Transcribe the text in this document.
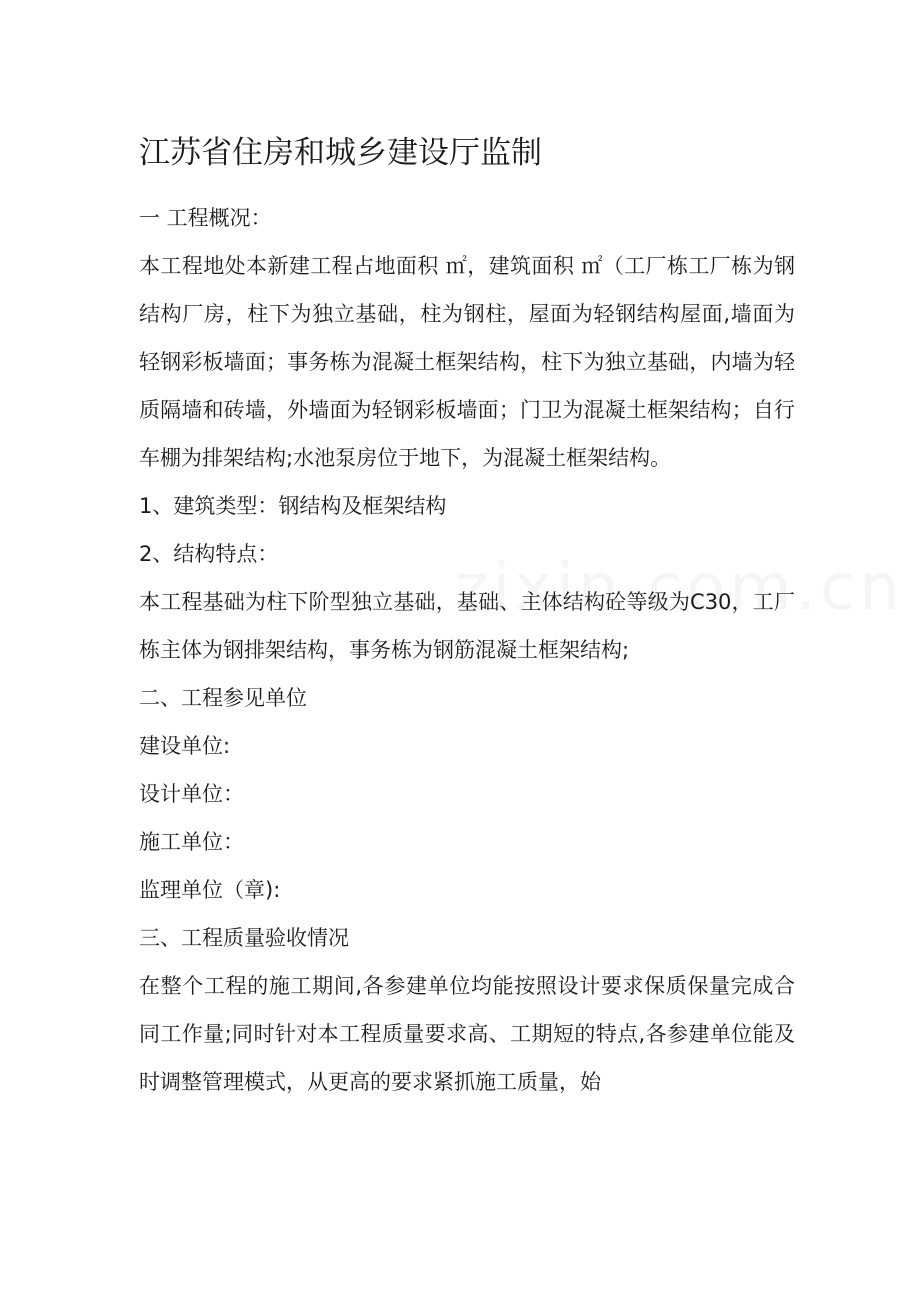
江苏省住房和城乡建设厅监制

一 工程概况：

本工程地处本新建工程占地面积 ㎡，建筑面积 ㎡（工厂栋工厂栋为钢结构厂房，柱下为独立基础，柱为钢柱，屋面为轻钢结构屋面,墙面为轻钢彩板墙面；事务栋为混凝土框架结构，柱下为独立基础，内墙为轻质隔墙和砖墙，外墙面为轻钢彩板墙面；门卫为混凝土框架结构；自行车棚为排架结构;水池泵房位于地下，为混凝土框架结构。

1、建筑类型：钢结构及框架结构

2、结构特点：

本工程基础为柱下阶型独立基础，基础、主体结构砼等级为C30，工厂栋主体为钢排架结构，事务栋为钢筋混凝土框架结构;

二、工程参见单位

建设单位:

设计单位：

施工单位：

监理单位（章):

三、工程质量验收情况

在整个工程的施工期间,各参建单位均能按照设计要求保质保量完成合同工作量;同时针对本工程质量要求高、工期短的特点,各参建单位能及时调整管理模式，从更高的要求紧抓施工质量，始
